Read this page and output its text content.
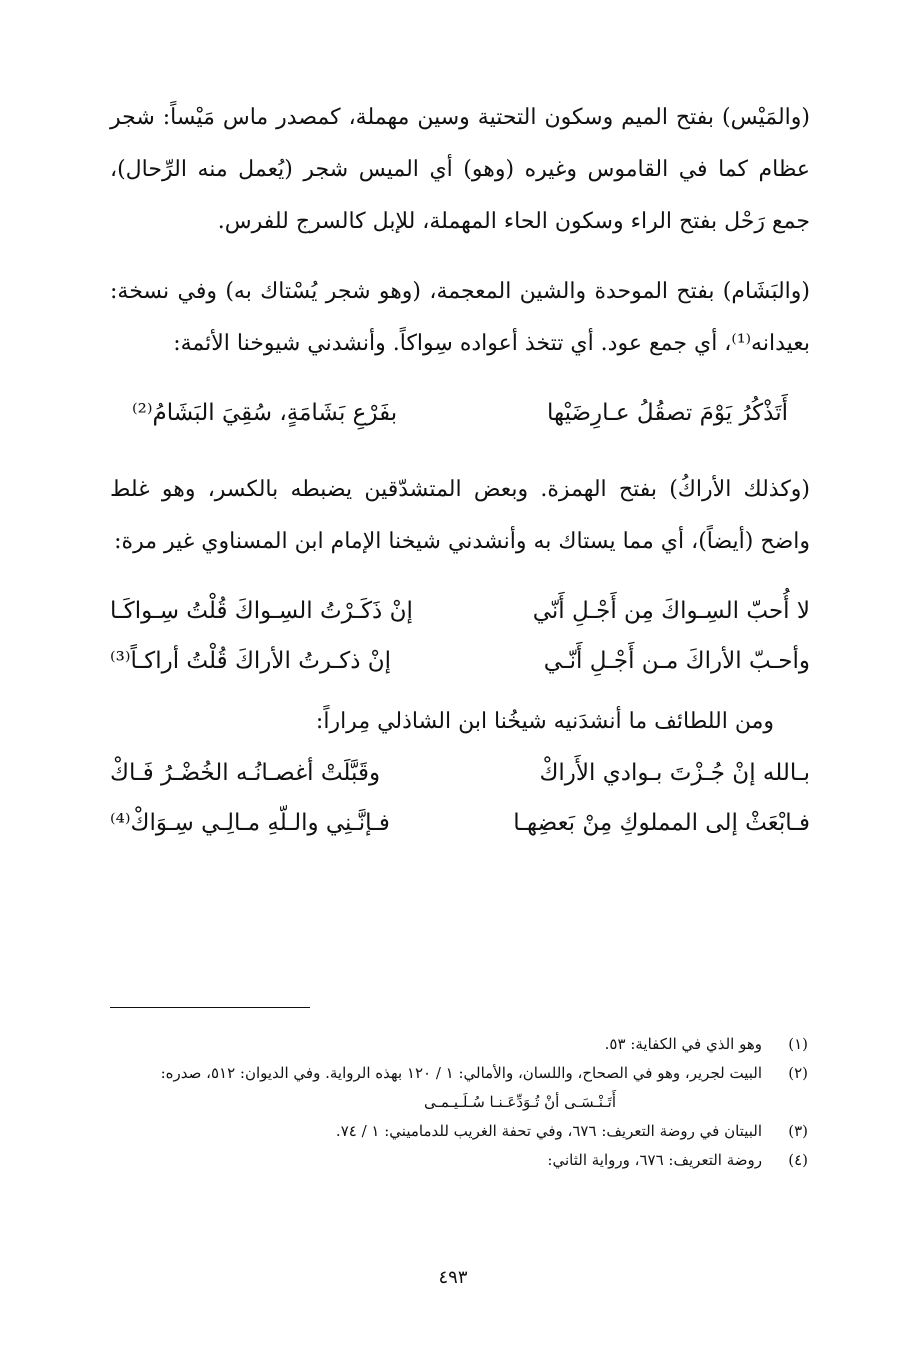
(والمَيْس) بفتح الميم وسكون التحتية وسين مهملة، كمصدر ماس مَيْساً: شجر عظام كما في القاموس وغيره (وهو) أي الميس شجر (يُعمل منه الرِّحال)، جمع رَحْل بفتح الراء وسكون الحاء المهملة، للإبل كالسرج للفرس.

(والبَشَام) بفتح الموحدة والشين المعجمة، (وهو شجر يُسْتاك به) وفي نسخة: بعيدانه⁽¹⁾، أي جمع عود. أي تتخذ أعواده سِواكاً. وأنشدني شيوخنا الأئمة:

أَتَذْكُرُ يَوْمَ تصقُلُ عـارِضَيْها
بفَرْعِ بَشَامَةٍ، سُقِيَ البَشَامُ⁽²⁾

(وكذلك الأراكُ) بفتح الهمزة. وبعض المتشدّقين يضبطه بالكسر، وهو غلط واضح (أيضاً)، أي مما يستاك به وأنشدني شيخنا الإمام ابن المسناوي غير مرة:

لا أُحبّ السِـواكَ مِن أَجْـلِ أَنّي
إنْ ذَكَـرْتُ السِـواكَ قُلْتُ سِـواكَـا
وأحـبّ الأراكَ مـن أَجْـلِ أَنّـي
إنْ ذكـرتُ الأراكَ قُلْتُ أراكـاً⁽³⁾

ومن اللطائف ما أنشدَنيه شيخُنا ابن الشاذلي مِراراً:

بـالله إنْ جُـزْتَ بـوادي الأَراكْ
وقَبَّلَتْ أغصـانُـه الخُضْـرُ فَـاكْ
فـابْعَثْ إلى المملوكِ مِنْ بَعضِهـا
فـإنَّـنِي والـلّهِ مـالِـي سِـوَاكْ⁽⁴⁾
(١)
وهو الذي في الكفاية: ٥٣.
(٢)
البيت لجرير، وهو في الصحاح، واللسان، والأمالي: ١ / ١٢٠ بهذه الرواية. وفي الديوان: ٥١٢، صدره:
أَتَـنْـسَـى أنْ تُـوَدِّعَـنـا سُـلَـيـمـى
(٣)
البيتان في روضة التعريف: ٦٧٦، وفي تحفة الغريب للدماميني: ١ / ٧٤.
(٤)
روضة التعريف: ٦٧٦، ورواية الثاني:
٤٩٣
